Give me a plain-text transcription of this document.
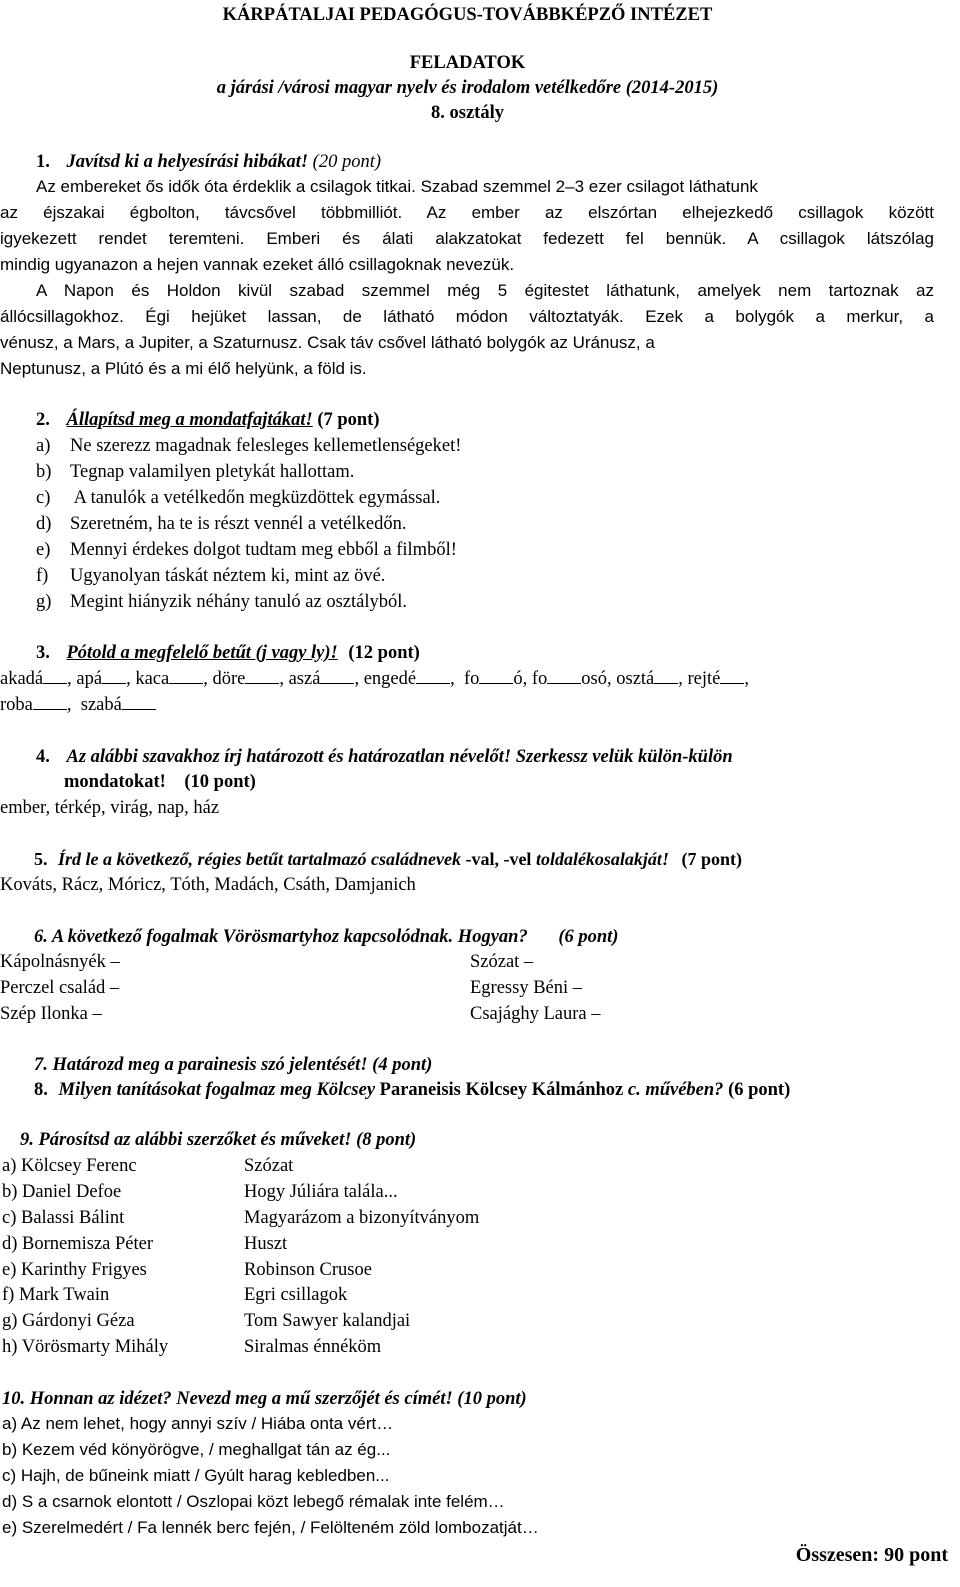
KÁRPÁTALJAI PEDAGÓGUS-TOVÁBBKÉPZŐ INTÉZET
FELADATOK
a járási /városi magyar nyelv és irodalom vetélkedőre (2014-2015)
8. osztály
1. Javítsd ki a helyesírási hibákat! (20 pont)
Az embereket ős idők óta érdeklik a csilagok titkai. Szabad szemmel 2–3 ezer csilagot láthatunk
az éjszakai égbolton, távcsővel többmilliót. Az ember az elszórtan elhejezkedő csillagok között
igyekezett rendet teremteni. Emberi és álati alakzatokat fedezett fel bennük. A csillagok látszólag
mindig ugyanazon a hejen vannak ezeket álló csillagoknak nevezük.
A Napon és Holdon kivül szabad szemmel még 5 égitestet láthatunk, amelyek nem tartoznak az
állócsillagokhoz. Égi hejüket lassan, de látható módon változtatyák. Ezek a bolygók a merkur, a
vénusz, a Mars, a Jupiter, a Szaturnusz. Csak táv csővel látható bolygók az Uránusz, a
Neptunusz, a Plútó és a mi élő helyünk, a föld is.
2. Állapítsd meg a mondatfajtákat! (7 pont)
a) Ne szerezz magadnak felesleges kellemetlenségeket!
b) Tegnap valamilyen pletykát hallottam.
c) A tanulók a vetélkedőn megküzdöttek egymással.
d) Szeretném, ha te is részt vennél a vetélkedőn.
e) Mennyi érdekes dolgot tudtam meg ebből a filmből!
f) Ugyanolyan táskát néztem ki, mint az övé.
g) Megint hiányzik néhány tanuló az osztályból.
3. Pótold a megfelelő betűt (j vagy ly)! (12 pont)
akadá , apá , kaca , döre , aszá , engedé ,  fo ó, fo osó, osztá , rejté ,
roba ,  szabá
4. Az alábbi szavakhoz írj határozott és határozatlan névelőt! Szerkessz velük külön-külön
mondatokat! (10 pont)
ember, térkép, virág, nap, ház
5. Írd le a következő, régies betűt tartalmazó családnevek -val, -vel toldalékosalakját! (7 pont)
Kováts, Rácz, Móricz, Tóth, Madách, Csáth, Damjanich
6. A következő fogalmak Vörösmartyhoz kapcsolódnak. Hogyan? (6 pont)
Kápolnásnyék –	Szózat –
Perczel család –	Egressy Béni –
Szép Ilonka –	Csajághy Laura –
7. Határozd meg a parainesis szó jelentését! (4 pont)
8. Milyen tanításokat fogalmaz meg Kölcsey Paraneisis Kölcsey Kálmánhoz c. művében? (6 pont)
9. Párosítsd az alábbi szerzőket és műveket! (8 pont)
a) Kölcsey Ferenc	Szózat
b) Daniel Defoe	Hogy Júliára talála...
c) Balassi Bálint	Magyarázom a bizonyítványom
d) Bornemisza Péter	Huszt
e) Karinthy Frigyes	Robinson Crusoe
f) Mark Twain	Egri csillagok
g) Gárdonyi Géza	Tom Sawyer kalandjai
h) Vörösmarty Mihály	Siralmas énnéköm
10. Honnan az idézet? Nevezd meg a mű szerzőjét és címét! (10 pont)
a) Az nem lehet, hogy annyi szív / Hiába onta vért…
b) Kezem véd könyörögve, / meghallgat tán az ég...
c) Hajh, de bűneink miatt / Gyúlt harag kebledben...
d) S a csarnok elontott / Oszlopai közt lebegő rémalak inte felém…
e) Szerelmedért / Fa lennék berc fején, / Felölteném zöld lombozatját…
Összesen: 90 pont
